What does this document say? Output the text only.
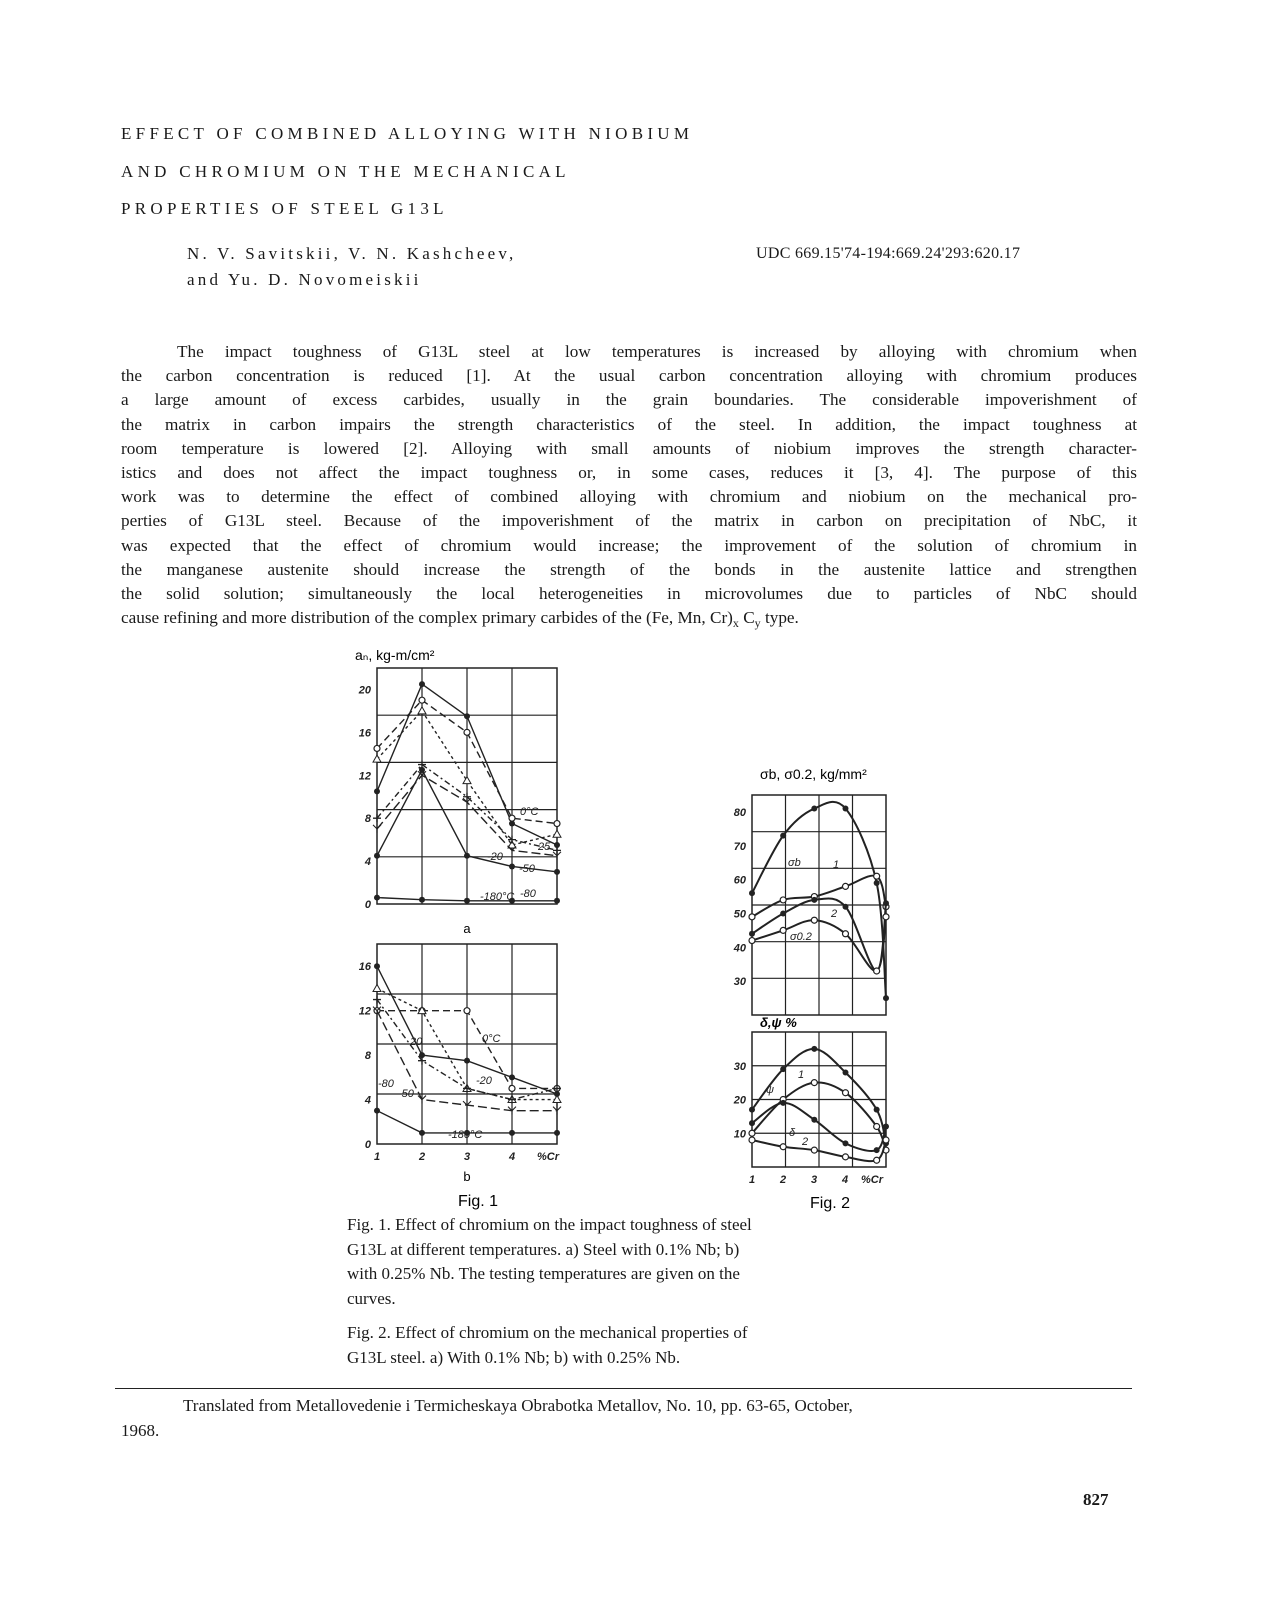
EFFECT OF COMBINED ALLOYING WITH NIOBIUM
AND CHROMIUM ON THE MECHANICAL
PROPERTIES OF STEEL G13L
N. V. Savitskii, V. N. Kashcheev,
and Yu. D. Novomeiskii
UDC 669.15'74-194:669.24'293:620.17
The impact toughness of G13L steel at low temperatures is increased by alloying with chromium when
the carbon concentration is reduced [1]. At the usual carbon concentration alloying with chromium produces
a large amount of excess carbides, usually in the grain boundaries. The considerable impoverishment of
the matrix in carbon impairs the strength characteristics of the steel. In addition, the impact toughness at
room temperature is lowered [2]. Alloying with small amounts of niobium improves the strength character-
istics and does not affect the impact toughness or, in some cases, reduces it [3, 4]. The purpose of this
work was to determine the effect of combined alloying with chromium and niobium on the mechanical pro-
perties of G13L steel. Because of the impoverishment of the matrix in carbon on precipitation of NbC, it
was expected that the effect of chromium would increase; the improvement of the solution of chromium in
the manganese austenite should increase the strength of the bonds in the austenite lattice and strengthen
the solid solution; simultaneously the local heterogeneities in microvolumes due to particles of NbC should
cause refining and more distribution of the complex primary carbides of the (Fe, Mn, $Cr)_x$ $C_y$ type.
aₙ, kg-m/cm²
20
16
12
8
4
0
0°C
25
-20
-50
-180°C -80
a
16
12
8
4
0
1	2	3	4 %Cr
20	0°C
-80
-50
-20
-180°C
b
Fig. 1
σb, σ0.2, kg/mm²
80
70
60
50
40
30
σb	1
2
σ0.2
δ,ψ %
30
20
10
1 2 3 4 %Cr
ψ
1
δ
2
Fig. 2
Fig. 1. Effect of chromium on the impact toughness of steel
G13L at different temperatures. a) Steel with 0.1% Nb; b)
with 0.25% Nb. The testing temperatures are given on the
curves.
Fig. 2. Effect of chromium on the mechanical properties of
G13L steel. a) With 0.1% Nb; b) with 0.25% Nb.
Translated from Metallovedenie i Termicheskaya Obrabotka Metallov, No. 10, pp. 63-65, October,
1968.
827
